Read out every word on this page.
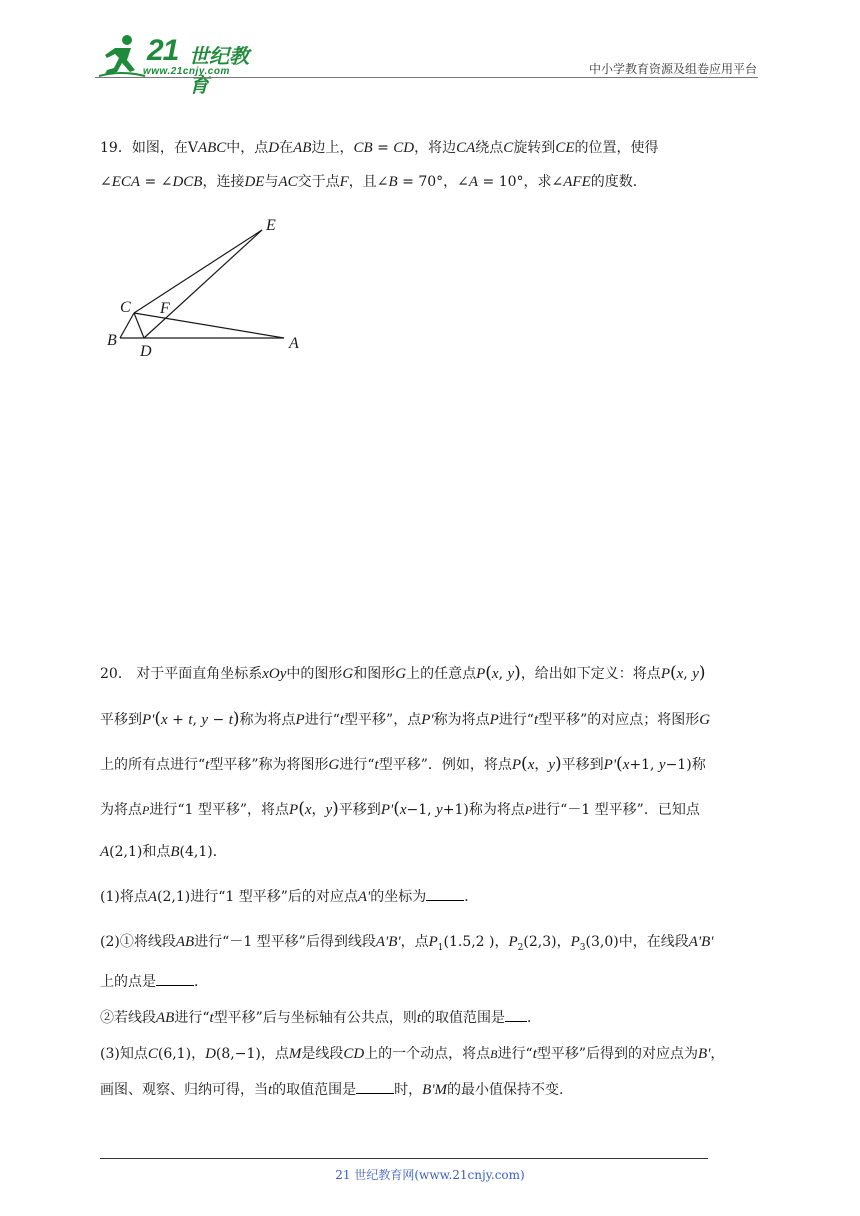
21 世纪教育
www.21cnjy.com	中小学教育资源及组卷应用平台
19．如图，在VABC中，点D在AB边上，CB = CD，将边CA绕点C旋转到CE的位置，使得
∠ECA = ∠DCB，连接DE与AC交于点F，且∠B = 70°，∠A = 10°，求∠AFE的度数．
E
C F
B
D	A
20． 对于平面直角坐标系xOy中的图形G和图形G上的任意点P(x, y)，给出如下定义：将点P(x, y)
平移到P'(x + t, y − t)称为将点P进行“t型平移”，点P'称为将点P进行“t型平移”的对应点；将图形G
上的所有点进行“t型平移”称为将图形G进行“t型平移”．例如，将点P(x，y)平移到P'(x+1, y−1)称
为将点P进行“1 型平移”，将点P(x，y)平移到P'(x−1, y+1)称为将点P进行“－1 型平移”．已知点
A(2,1)和点B(4,1)．
(1)将点A(2,1)进行“1 型平移”后的对应点A'的坐标为	．
(2)①将线段AB进行“－1 型平移”后得到线段A'B'，点$P_1(1.5,2$ )，$P_2(2,3)$，$P_3(3,0)$中，在线段A'B'
上的点是	．
②若线段AB进行“t型平移”后与坐标轴有公共点，则t的取值范围是 ．
(3)知点C(6,1)，D(8,−1)，点M是线段CD上的一个动点，将点B进行“t型平移”后得到的对应点为B'，
画图、观察、归纳可得，当t的取值范围是	时，B'M的最小值保持不变.
21 世纪教育网(www.21cnjy.com)
